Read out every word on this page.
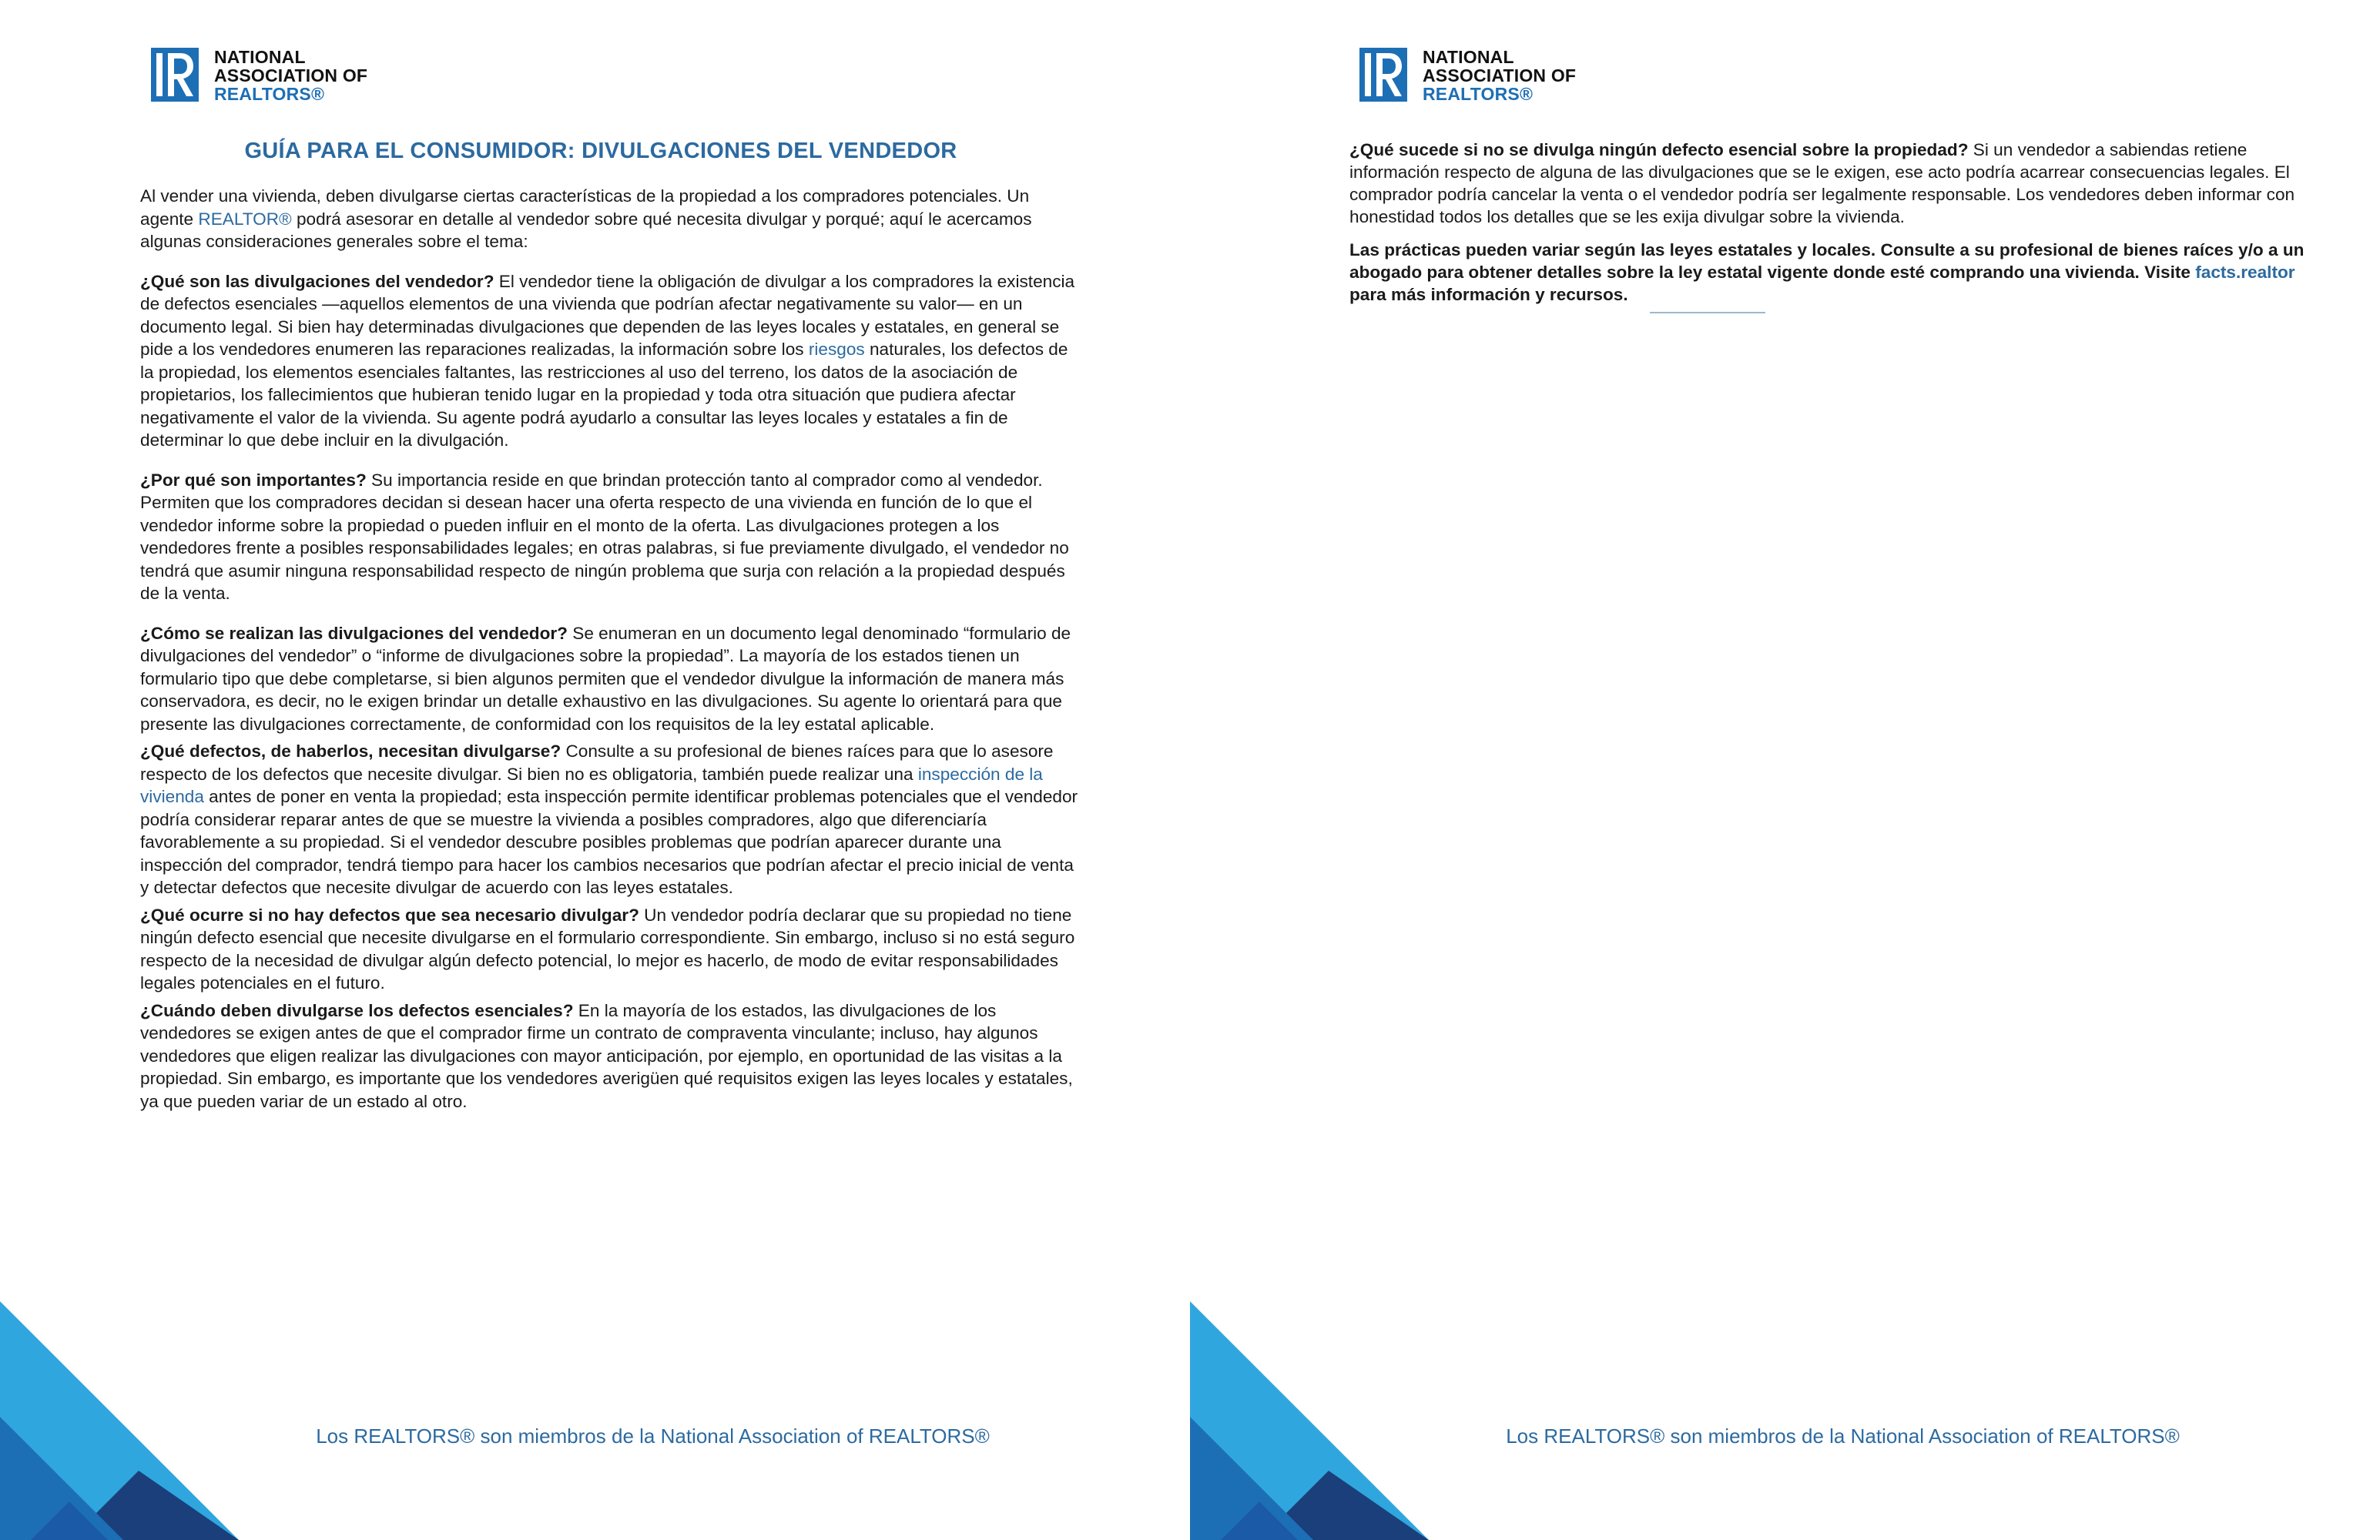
NATIONAL
ASSOCIATION OF
REALTORS®
GUÍA PARA EL CONSUMIDOR: DIVULGACIONES DEL VENDEDOR

Al vender una vivienda, deben divulgarse ciertas características de la propiedad a los compradores potenciales. Un agente REALTOR® podrá asesorar en detalle al vendedor sobre qué necesita divulgar y porqué; aquí le acercamos algunas consideraciones generales sobre el tema:

¿Qué son las divulgaciones del vendedor? El vendedor tiene la obligación de divulgar a los compradores la existencia de defectos esenciales —aquellos elementos de una vivienda que podrían afectar negativamente su valor— en un documento legal. Si bien hay determinadas divulgaciones que dependen de las leyes locales y estatales, en general se pide a los vendedores enumeren las reparaciones realizadas, la información sobre los riesgos naturales, los defectos de la propiedad, los elementos esenciales faltantes, las restricciones al uso del terreno, los datos de la asociación de propietarios, los fallecimientos que hubieran tenido lugar en la propiedad y toda otra situación que pudiera afectar negativamente el valor de la vivienda. Su agente podrá ayudarlo a consultar las leyes locales y estatales a fin de determinar lo que debe incluir en la divulgación.

¿Por qué son importantes? Su importancia reside en que brindan protección tanto al comprador como al vendedor. Permiten que los compradores decidan si desean hacer una oferta respecto de una vivienda en función de lo que el vendedor informe sobre la propiedad o pueden influir en el monto de la oferta. Las divulgaciones protegen a los vendedores frente a posibles responsabilidades legales; en otras palabras, si fue previamente divulgado, el vendedor no tendrá que asumir ninguna responsabilidad respecto de ningún problema que surja con relación a la propiedad después de la venta.

¿Cómo se realizan las divulgaciones del vendedor? Se enumeran en un documento legal denominado “formulario de divulgaciones del vendedor” o “informe de divulgaciones sobre la propiedad”. La mayoría de los estados tienen un formulario tipo que debe completarse, si bien algunos permiten que el vendedor divulgue la información de manera más conservadora, es decir, no le exigen brindar un detalle exhaustivo en las divulgaciones. Su agente lo orientará para que presente las divulgaciones correctamente, de conformidad con los requisitos de la ley estatal aplicable.

¿Qué defectos, de haberlos, necesitan divulgarse? Consulte a su profesional de bienes raíces para que lo asesore respecto de los defectos que necesite divulgar. Si bien no es obligatoria, también puede realizar una inspección de la vivienda antes de poner en venta la propiedad; esta inspección permite identificar problemas potenciales que el vendedor podría considerar reparar antes de que se muestre la vivienda a posibles compradores, algo que diferenciaría favorablemente a su propiedad. Si el vendedor descubre posibles problemas que podrían aparecer durante una inspección del comprador, tendrá tiempo para hacer los cambios necesarios que podrían afectar el precio inicial de venta y detectar defectos que necesite divulgar de acuerdo con las leyes estatales.

¿Qué ocurre si no hay defectos que sea necesario divulgar? Un vendedor podría declarar que su propiedad no tiene ningún defecto esencial que necesite divulgarse en el formulario correspondiente. Sin embargo, incluso si no está seguro respecto de la necesidad de divulgar algún defecto potencial, lo mejor es hacerlo, de modo de evitar responsabilidades legales potenciales en el futuro.

¿Cuándo deben divulgarse los defectos esenciales? En la mayoría de los estados, las divulgaciones de los vendedores se exigen antes de que el comprador firme un contrato de compraventa vinculante; incluso, hay algunos vendedores que eligen realizar las divulgaciones con mayor anticipación, por ejemplo, en oportunidad de las visitas a la propiedad. Sin embargo, es importante que los vendedores averigüen qué requisitos exigen las leyes locales y estatales, ya que pueden variar de un estado al otro.

Los REALTORS® son miembros de la National Association of REALTORS®
NATIONAL
ASSOCIATION OF
REALTORS®

¿Qué sucede si no se divulga ningún defecto esencial sobre la propiedad? Si un vendedor a sabiendas retiene información respecto de alguna de las divulgaciones que se le exigen, ese acto podría acarrear consecuencias legales. El comprador podría cancelar la venta o el vendedor podría ser legalmente responsable. Los vendedores deben informar con honestidad todos los detalles que se les exija divulgar sobre la vivienda.

Las prácticas pueden variar según las leyes estatales y locales. Consulte a su profesional de bienes raíces y/o a un abogado para obtener detalles sobre la ley estatal vigente donde esté comprando una vivienda. Visite facts.realtor para más información y recursos.

Los REALTORS® son miembros de la National Association of REALTORS®
